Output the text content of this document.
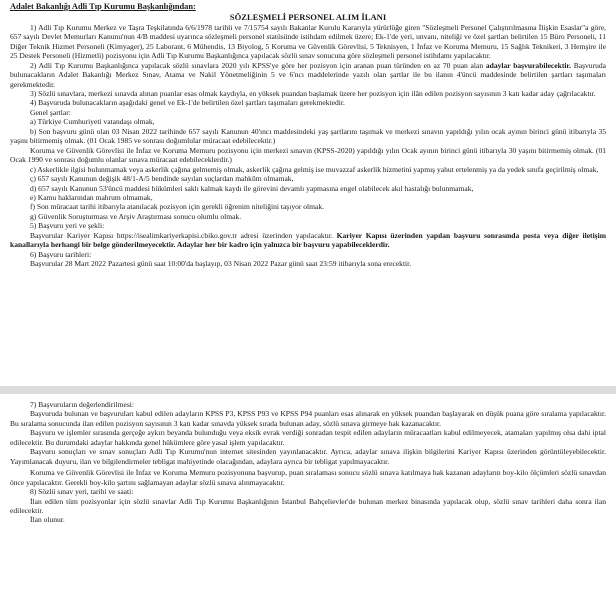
Adalet Bakanlığı Adli Tıp Kurumu Başkanlığından:

SÖZLEŞMELİ PERSONEL ALIM İLANI

1) Adli Tıp Kurumu Merkez ve Taşra Teşkilatında 6/6/1978 tarihli ve 7/15754 sayılı Bakanlar Kurulu Kararıyla yürürlüğe giren "Sözleşmeli Personel Çalıştırılmasına İlişkin Esaslar"a göre, 657 sayılı Devlet Memurları Kanunu'nun 4/B maddesi uyarınca sözleşmeli personel statüsünde istihdam edilmek üzere; Ek-1'de yeri, unvanı, niteliği ve özel şartları belirtilen 15 Büro Personeli, 11 Diğer Teknik Hizmet Personeli (Kimyager), 25 Laborant, 6 Mühendis, 13 Biyolog, 5 Koruma ve Güvenlik Görevlisi, 5 Teknisyen, 1 İnfaz ve Koruma Memuru, 15 Sağlık Teknikeri, 3 Hemşire ile 25 Destek Personeli (Hizmetli) pozisyonu için Adli Tıp Kurumu Başkanlığınca yapılacak sözlü sınav sonucuna göre sözleşmeli personel istihdamı yapılacaktır.

2) Adli Tıp Kurumu Başkanlığınca yapılacak sözlü sınavlara 2020 yılı KPSS'ye göre her pozisyon için aranan puan türünden en az 70 puan alan adaylar başvurabilecektir. Başvuruda bulunacakların Adalet Bakanlığı Merkez Sınav, Atama ve Nakil Yönetmeliğinin 5 ve 6'ncı maddelerinde yazılı olan şartlar ile bu ilanın 4'üncü maddesinde belirtilen şartları taşımaları gerekmektedir.

3) Sözlü sınavlara, merkezi sınavda alınan puanlar esas olmak kaydıyla, en yüksek puandan başlamak üzere her pozisyon için ilân edilen pozisyon sayısının 3 katı kadar aday çağrılacaktır.

4) Başvuruda bulunacakların aşağıdaki genel ve Ek-1'de belirtilen özel şartları taşımaları gerekmektedir.

Genel şartlar:

a) Türkiye Cumhuriyeti vatandaşı olmak,

b) Son başvuru günü olan 03 Nisan 2022 tarihinde 657 sayılı Kanunun 40'ıncı maddesindeki yaş şartlarını taşımak ve merkezi sınavın yapıldığı yılın ocak ayının birinci günü itibarıyla 35 yaşını bitirmemiş olmak. (01 Ocak 1985 ve sonrası doğumlular müracaat edebilecektir.)

Koruma ve Güvenlik Görevlisi ile İnfaz ve Koruma Memuru pozisyonu için merkezi sınavın (KPSS-2020) yapıldığı yılın Ocak ayının birinci günü itibarıyla 30 yaşını bitirmemiş olmak. (01 Ocak 1990 ve sonrası doğumlu olanlar sınava müracaat edebileceklerdir.)

c) Askerlikle ilgisi bulunmamak veya askerlik çağına gelmemiş olmak, askerlik çağına gelmiş ise muvazzaf askerlik hizmetini yapmış yahut ertelenmiş ya da yedek sınıfa geçirilmiş olmak,

ç) 657 sayılı Kanunun değişik 48/1-A/5 bendinde sayılan suçlardan mahkûm olmamak,

d) 657 sayılı Kanunun 53'üncü maddesi hükümleri saklı kalmak kaydı ile görevini devamlı yapmasına engel olabilecek akıl hastalığı bulunmamak,

e) Kamu haklarından mahrum olmamak,

f) Son müracaat tarihi itibarıyla atanılacak pozisyon için gerekli öğrenim niteliğini taşıyor olmak.

g) Güvenlik Soruşturması ve Arşiv Araştırması sonucu olumlu olmak.

5) Başvuru yeri ve şekli:

Başvurular Kariyer Kapısı https://isealimkariyerkapisi.cbiko.gov.tr adresi üzerinden yapılacaktır. Kariyer Kapısı üzerinden yapılan başvuru sonrasında posta veya diğer iletişim kanallarıyla herhangi bir belge gönderilmeyecektir. Adaylar her bir kadro için yalnızca bir başvuru yapabileceklerdir.

6) Başvuru tarihleri:

Başvurular 28 Mart 2022 Pazartesi günü saat 10:00'da başlayıp, 03 Nisan 2022 Pazar günü saat 23:59 itibarıyla sona erecektir.

7) Başvuruların değerlendirilmesi:

Başvuruda bulunan ve başvuruları kabul edilen adayların KPSS P3, KPSS P93 ve KPSS P94 puanları esas alınarak en yüksek puandan başlayarak en düşük puana göre sıralama yapılacaktır. Bu sıralama sonucunda ilan edilen pozisyon sayısının 3 katı kadar sınavda yüksek sırada bulunan aday, sözlü sınava girmeye hak kazanacaktır.

Başvuru ve işlemler sırasında gerçeğe aykırı beyanda bulunduğu veya eksik evrak verdiği sonradan tespit edilen adayların müracaatları kabul edilmeyecek, atamaları yapılmış olsa dahi iptal edilecektir. Bu durumdaki adaylar hakkında genel hükümlere göre yasal işlem yapılacaktır.

Başvuru sonuçları ve sınav sonuçları Adli Tıp Kurumu'nun internet sitesinden yayınlanacaktır. Ayrıca, adaylar sınava ilişkin bilgilerini Kariyer Kapısı üzerinden görüntüleyebilecektir. Yayımlanacak duyuru, ilan ve bilgilendirmeler tebligat mahiyetinde olacağından, adaylara ayrıca bir tebligat yapılmayacaktır.

Koruma ve Güvenlik Görevlisi ile İnfaz ve Koruma Memuru pozisyonuna başvurup, puan sıralaması sonucu sözlü sınava katılmaya hak kazanan adayların boy-kilo ölçümleri sözlü sınavdan önce yapılacaktır. Gerekli boy-kilo şartını sağlamayan adaylar sözlü sınava alınmayacaktır.

8) Sözlü sınav yeri, tarihi ve saati:

İlan edilen tüm pozisyonlar için sözlü sınavlar Adli Tıp Kurumu Başkanlığının İstanbul Bahçelievler'de bulunan merkez binasında yapılacak olup, sözlü sınav tarihleri daha sonra ilan edilecektir.

İlan olunur.
